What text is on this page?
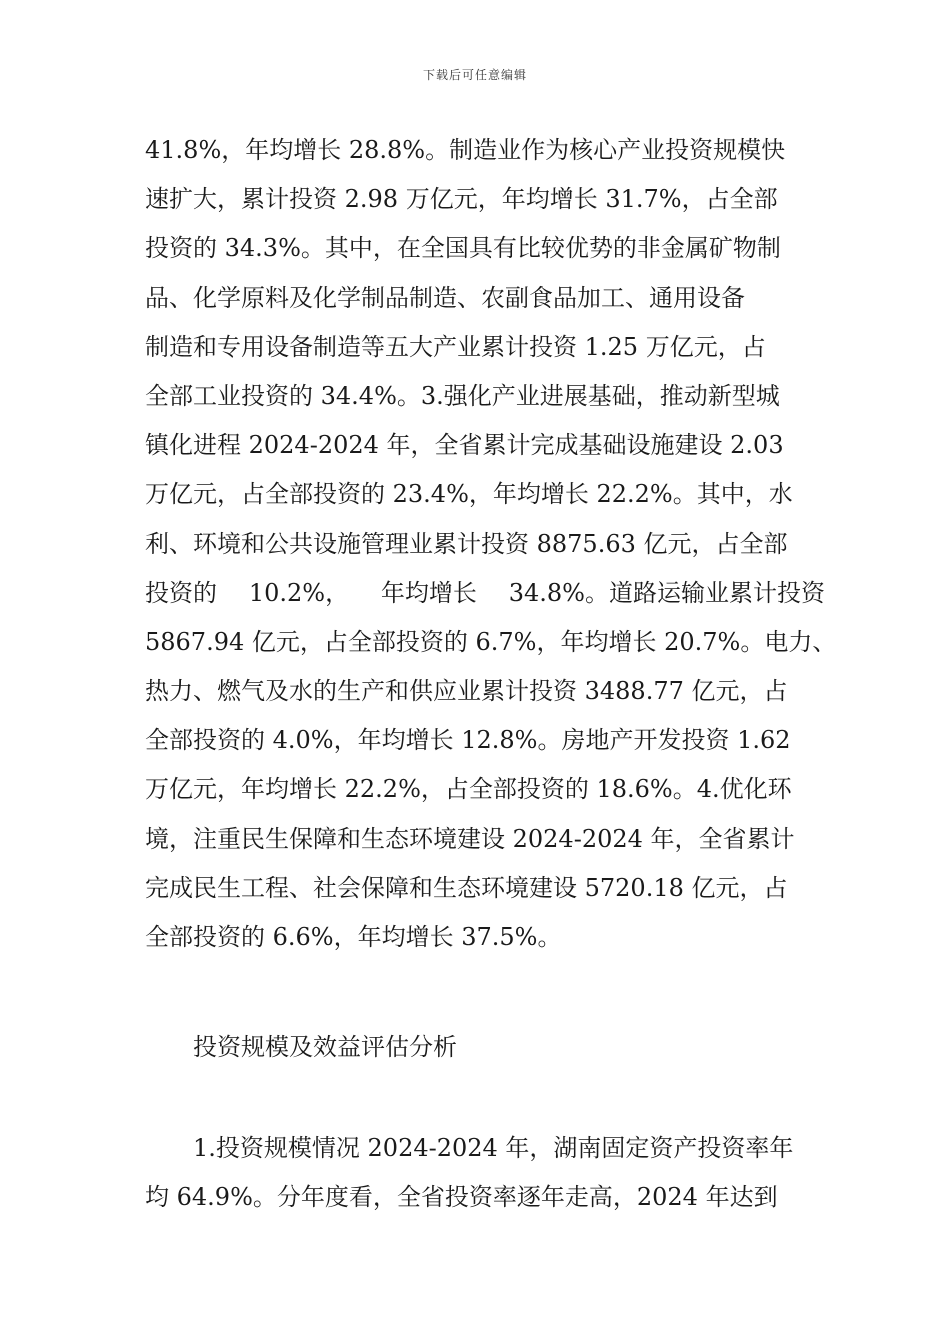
下载后可任意编辑
41.8%，年均增长 28.8%。制造业作为核心产业投资规模快
速扩大，累计投资 2.98 万亿元，年均增长 31.7%，占全部
投资的 34.3%。其中，在全国具有比较优势的非金属矿物制
品、化学原料及化学制品制造、农副食品加工、通用设备
制造和专用设备制造等五大产业累计投资 1.25 万亿元，占
全部工业投资的 34.4%。3.强化产业进展基础，推动新型城
镇化进程 2024-2024 年，全省累计完成基础设施建设 2.03
万亿元，占全部投资的 23.4%，年均增长 22.2%。其中，水
利、环境和公共设施管理业累计投资 8875.63 亿元，占全部
投资的 10.2%， 年均增长 34.8%。道路运输业累计投资
5867.94 亿元，占全部投资的 6.7%，年均增长 20.7%。电力、
热力、燃气及水的生产和供应业累计投资 3488.77 亿元，占
全部投资的 4.0%，年均增长 12.8%。房地产开发投资 1.62
万亿元，年均增长 22.2%，占全部投资的 18.6%。4.优化环
境，注重民生保障和生态环境建设 2024-2024 年，全省累计
完成民生工程、社会保障和生态环境建设 5720.18 亿元，占
全部投资的 6.6%，年均增长 37.5%。
投资规模及效益评估分析
1.投资规模情况 2024-2024 年，湖南固定资产投资率年
均 64.9%。分年度看，全省投资率逐年走高，2024 年达到
